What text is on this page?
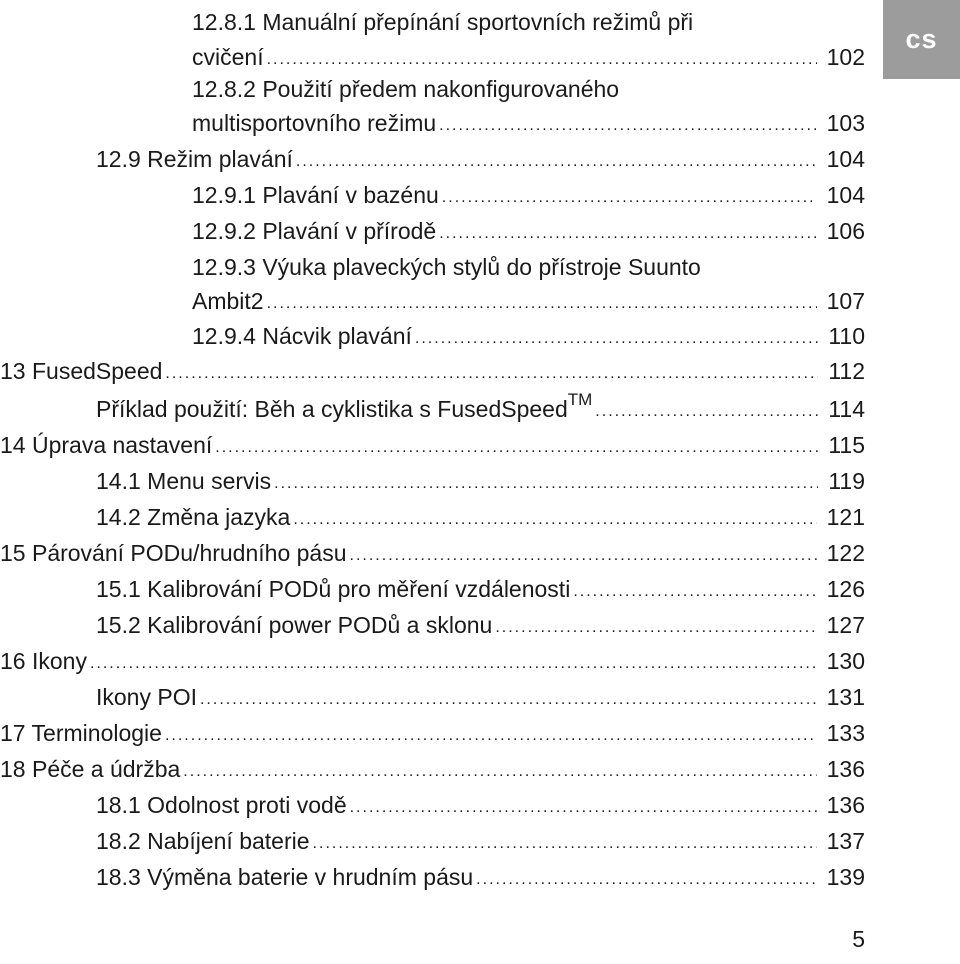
cs
12.8.1 Manuální přepínání sportovních režimů při
cvičení .....	102
12.8.2 Použití předem nakonfigurovaného
multisportovního režimu .....	103
12.9 Režim plavání .....	104
12.9.1 Plavání v bazénu .....	104
12.9.2 Plavání v přírodě .....	106
12.9.3 Výuka plaveckých stylů do přístroje Suunto
Ambit2 .....	107
12.9.4 Nácvik plavání .....	110
13 FusedSpeed .....	112
Příklad použití: Běh a cyklistika s FusedSpeed™ .....	114
14 Úprava nastavení .....	115
14.1 Menu servis .....	119
14.2 Změna jazyka .....	121
15 Párování PODu/hrudního pásu .....	122
15.1 Kalibrování PODů pro měření vzdálenosti .....	126
15.2 Kalibrování power PODů a sklonu .....	127
16 Ikony .....	130
Ikony POI .....	131
17 Terminologie .....	133
18 Péče a údržba .....	136
18.1 Odolnost proti vodě .....	136
18.2 Nabíjení baterie .....	137
18.3 Výměna baterie v hrudním pásu .....	139
5
